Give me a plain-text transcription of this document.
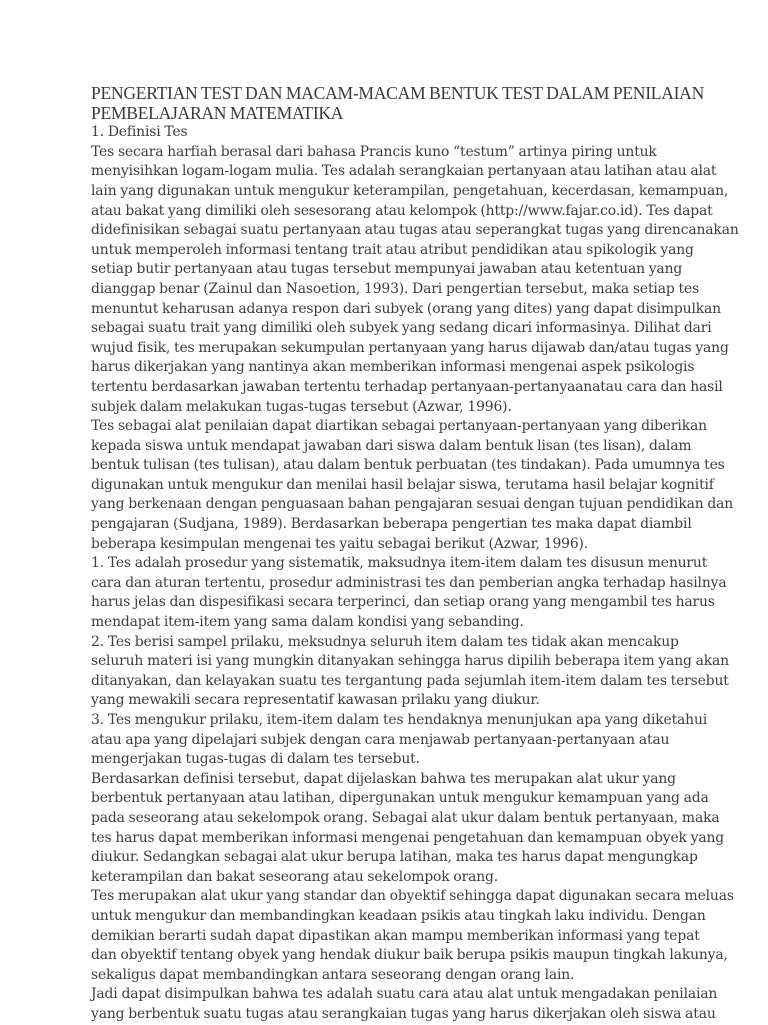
PENGERTIAN TEST DAN MACAM-MACAM BENTUK TEST DALAM PENILAIAN
PEMBELAJARAN MATEMATIKA
1. Definisi Tes
Tes secara harfiah berasal dari bahasa Prancis kuno “testum” artinya piring untuk
menyisihkan logam-logam mulia. Tes adalah serangkaian pertanyaan atau latihan atau alat
lain yang digunakan untuk mengukur keterampilan, pengetahuan, kecerdasan, kemampuan,
atau bakat yang dimiliki oleh sesesorang atau kelompok (http://www.fajar.co.id). Tes dapat
didefinisikan sebagai suatu pertanyaan atau tugas atau seperangkat tugas yang direncanakan
untuk memperoleh informasi tentang trait atau atribut pendidikan atau spikologik yang
setiap butir pertanyaan atau tugas tersebut mempunyai jawaban atau ketentuan yang
dianggap benar (Zainul dan Nasoetion, 1993). Dari pengertian tersebut, maka setiap tes
menuntut keharusan adanya respon dari subyek (orang yang dites) yang dapat disimpulkan
sebagai suatu trait yang dimiliki oleh subyek yang sedang dicari informasinya. Dilihat dari
wujud fisik, tes merupakan sekumpulan pertanyaan yang harus dijawab dan/atau tugas yang
harus dikerjakan yang nantinya akan memberikan informasi mengenai aspek psikologis
tertentu berdasarkan jawaban tertentu terhadap pertanyaan-pertanyaanatau cara dan hasil
subjek dalam melakukan tugas-tugas tersebut (Azwar, 1996).
Tes sebagai alat penilaian dapat diartikan sebagai pertanyaan-pertanyaan yang diberikan
kepada siswa untuk mendapat jawaban dari siswa dalam bentuk lisan (tes lisan), dalam
bentuk tulisan (tes tulisan), atau dalam bentuk perbuatan (tes tindakan). Pada umumnya tes
digunakan untuk mengukur dan menilai hasil belajar siswa, terutama hasil belajar kognitif
yang berkenaan dengan penguasaan bahan pengajaran sesuai dengan tujuan pendidikan dan
pengajaran (Sudjana, 1989). Berdasarkan beberapa pengertian tes maka dapat diambil
beberapa kesimpulan mengenai tes yaitu sebagai berikut (Azwar, 1996).
1. Tes adalah prosedur yang sistematik, maksudnya item-item dalam tes disusun menurut
cara dan aturan tertentu, prosedur administrasi tes dan pemberian angka terhadap hasilnya
harus jelas dan dispesifikasi secara terperinci, dan setiap orang yang mengambil tes harus
mendapat item-item yang sama dalam kondisi yang sebanding.
2. Tes berisi sampel prilaku, meksudnya seluruh item dalam tes tidak akan mencakup
seluruh materi isi yang mungkin ditanyakan sehingga harus dipilih beberapa item yang akan
ditanyakan, dan kelayakan suatu tes tergantung pada sejumlah item-item dalam tes tersebut
yang mewakili secara representatif kawasan prilaku yang diukur.
3. Tes mengukur prilaku, item-item dalam tes hendaknya menunjukan apa yang diketahui
atau apa yang dipelajari subjek dengan cara menjawab pertanyaan-pertanyaan atau
mengerjakan tugas-tugas di dalam tes tersebut.
Berdasarkan definisi tersebut, dapat dijelaskan bahwa tes merupakan alat ukur yang
berbentuk pertanyaan atau latihan, dipergunakan untuk mengukur kemampuan yang ada
pada seseorang atau sekelompok orang. Sebagai alat ukur dalam bentuk pertanyaan, maka
tes harus dapat memberikan informasi mengenai pengetahuan dan kemampuan obyek yang
diukur. Sedangkan sebagai alat ukur berupa latihan, maka tes harus dapat mengungkap
keterampilan dan bakat seseorang atau sekelompok orang.
Tes merupakan alat ukur yang standar dan obyektif sehingga dapat digunakan secara meluas
untuk mengukur dan membandingkan keadaan psikis atau tingkah laku individu. Dengan
demikian berarti sudah dapat dipastikan akan mampu memberikan informasi yang tepat
dan obyektif tentang obyek yang hendak diukur baik berupa psikis maupun tingkah lakunya,
sekaligus dapat membandingkan antara seseorang dengan orang lain.
Jadi dapat disimpulkan bahwa tes adalah suatu cara atau alat untuk mengadakan penilaian
yang berbentuk suatu tugas atau serangkaian tugas yang harus dikerjakan oleh siswa atau
